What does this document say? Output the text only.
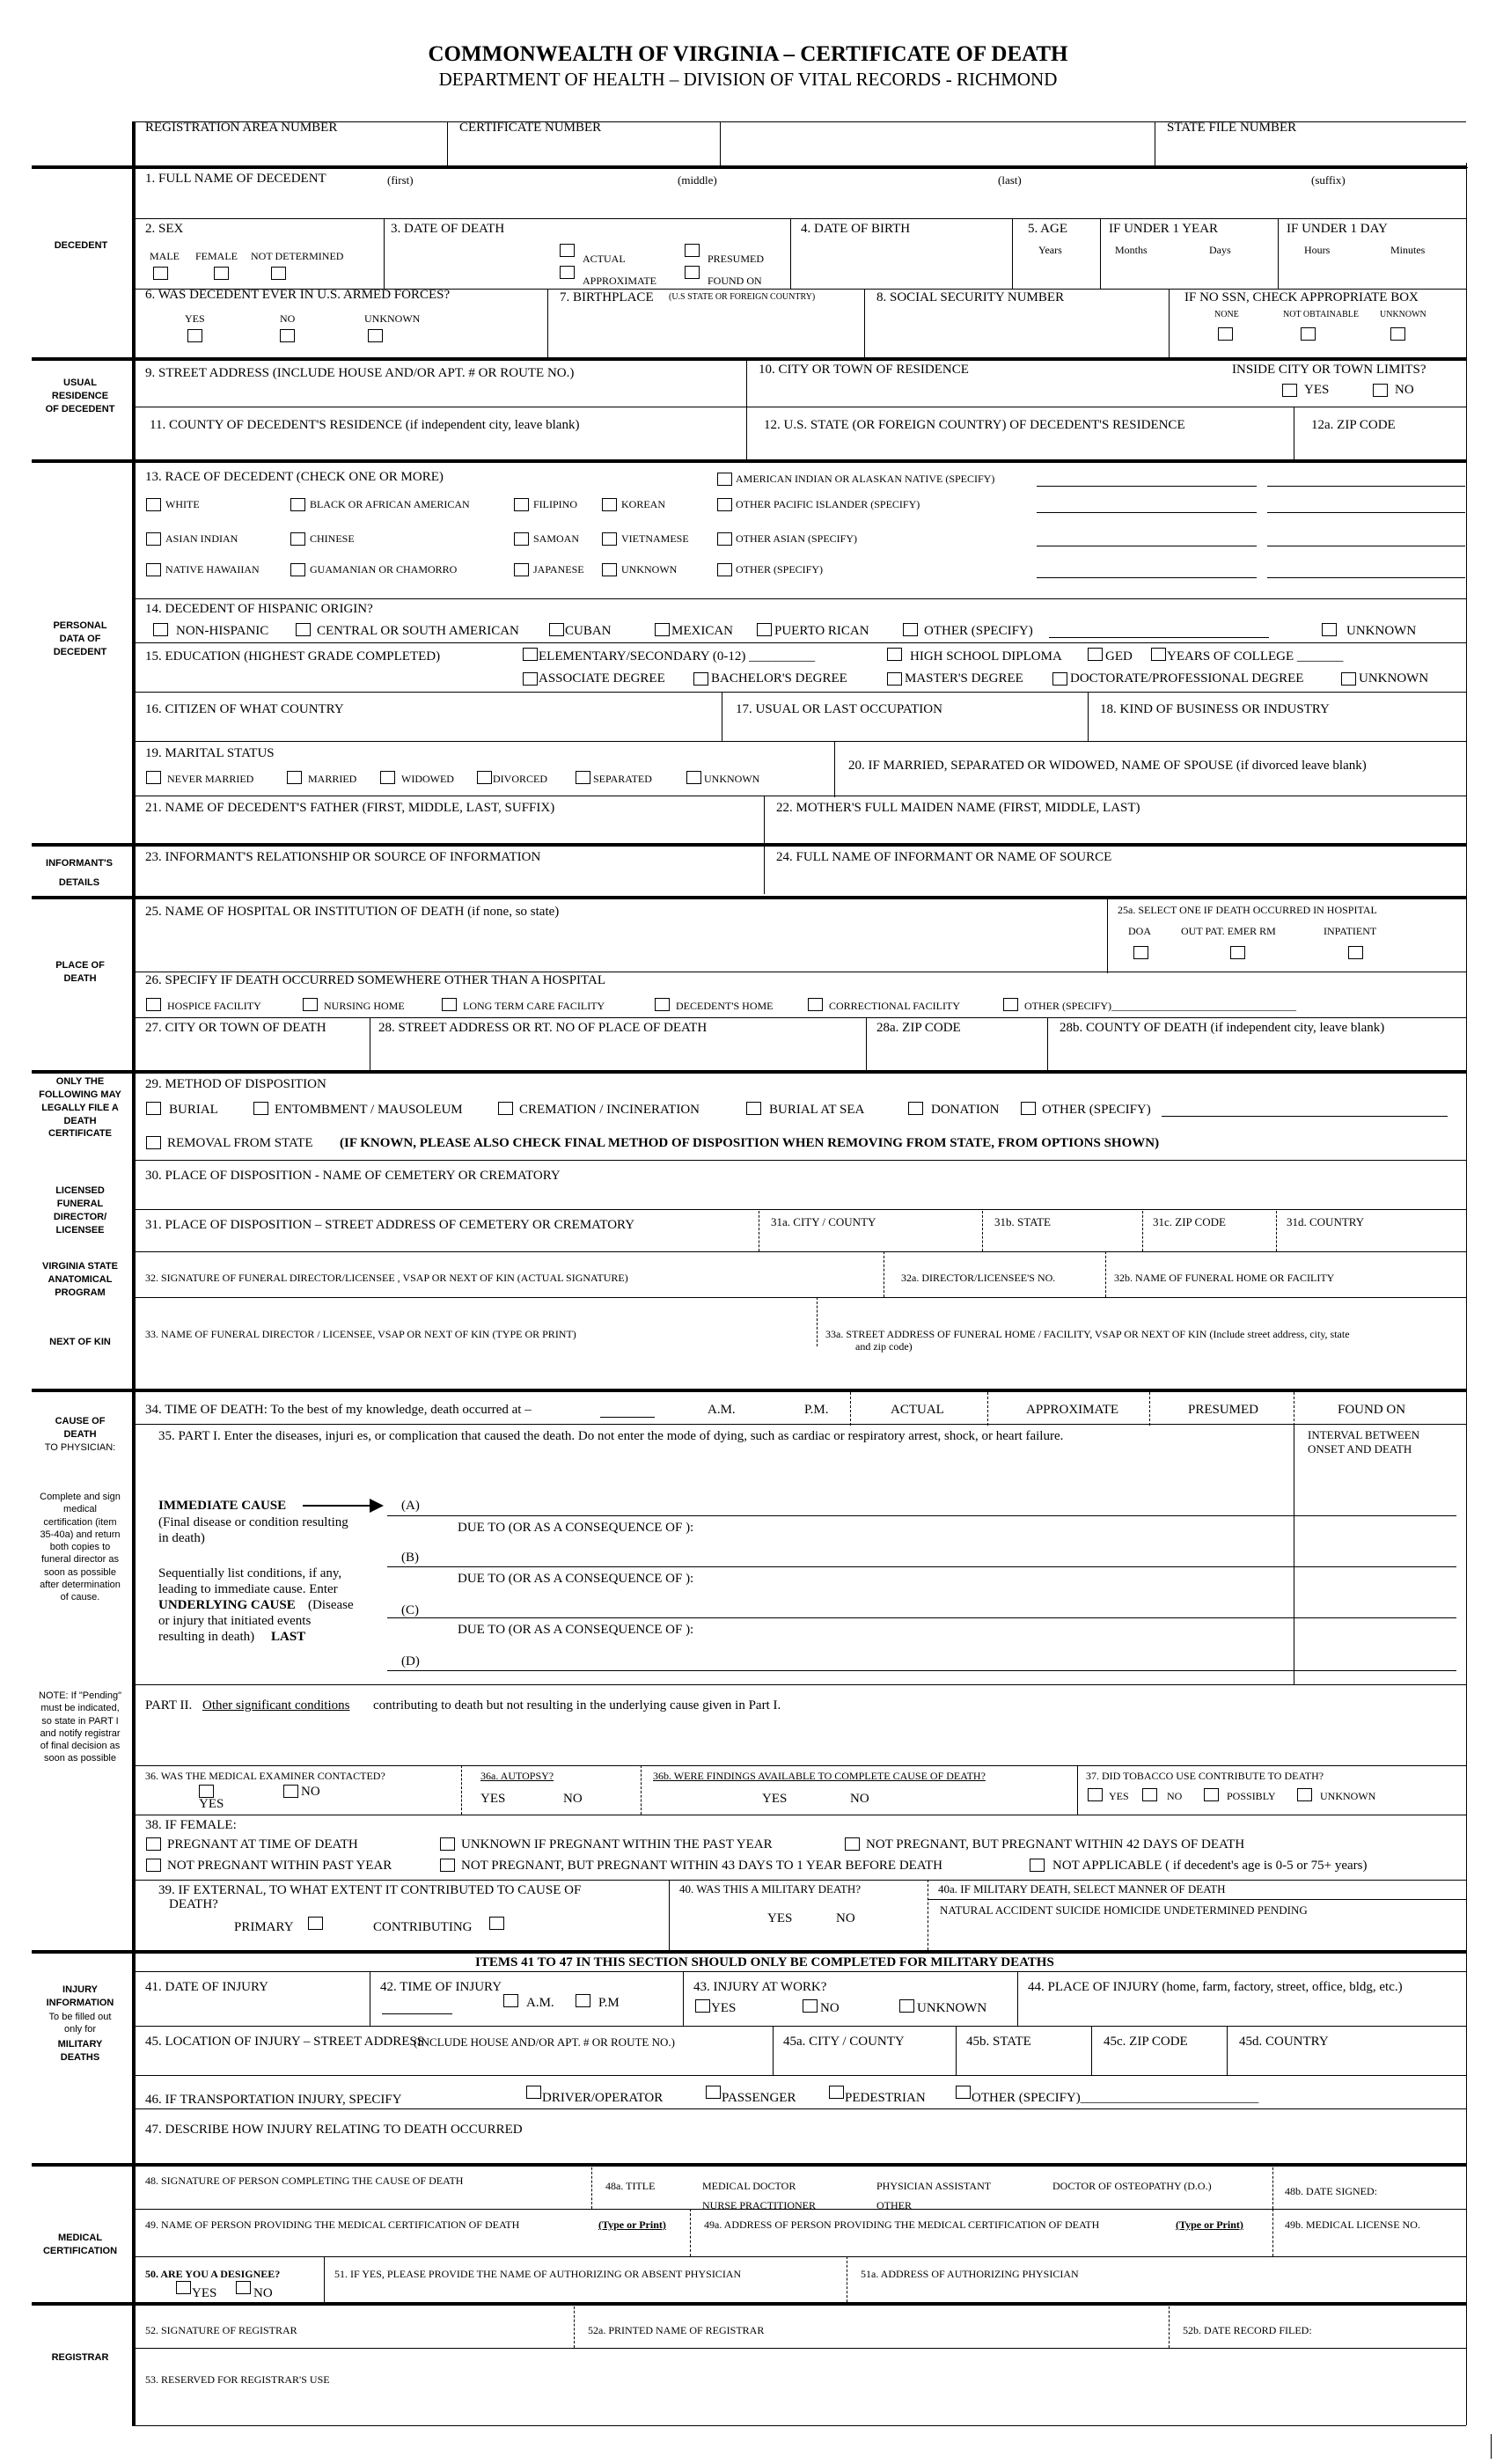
COMMONWEALTH OF VIRGINIA – CERTIFICATE OF DEATH
DEPARTMENT OF HEALTH – DIVISION OF VITAL RECORDS - RICHMOND
REGISTRATION AREA NUMBER	CERTIFICATE NUMBER	STATE FILE NUMBER
DECEDENT
1. FULL NAME OF DECEDENT	(first)	(middle)	(last)	(suffix)
2. SEX
MALE FEMALE NOT DETERMINED
3. DATE OF DEATH
ACTUAL
APPROXIMATE
PRESUMED
FOUND ON
4. DATE OF BIRTH	5. AGE
Years
IF UNDER 1 YEAR
Months	Days
IF UNDER 1 DAY
Hours	Minutes
6. WAS DECEDENT EVER IN U.S. ARMED FORCES?
YES	NO	UNKNOWN
7. BIRTHPLACE (U.S STATE OR FOREIGN COUNTRY)	8. SOCIAL SECURITY NUMBER	IF NO SSN, CHECK APPROPRIATE BOX
NONE	NOT OBTAINABLE UNKNOWN
USUAL RESIDENCE OF DECEDENT
9. STREET ADDRESS (INCLUDE HOUSE AND/OR APT. # OR ROUTE NO.)	10. CITY OR TOWN OF RESIDENCE	INSIDE CITY OR TOWN LIMITS?
YES	NO
11. COUNTY OF DECEDENT'S RESIDENCE (if independent city, leave blank)	12. U.S. STATE (OR FOREIGN COUNTRY) OF DECEDENT'S RESIDENCE	12a. ZIP CODE
PERSONAL DATA OF DECEDENT
13. RACE OF DECEDENT (CHECK ONE OR MORE)	AMERICAN INDIAN OR ALASKAN NATIVE (SPECIFY)
WHITE	BLACK OR AFRICAN AMERICAN	FILIPINO	KOREAN	OTHER PACIFIC ISLANDER (SPECIFY)
ASIAN INDIAN	CHINESE	SAMOAN	VIETNAMESE	OTHER ASIAN (SPECIFY)
NATIVE HAWAIIAN	GUAMANIAN OR CHAMORRO	JAPANESE	UNKNOWN	OTHER (SPECIFY)
14. DECEDENT OF HISPANIC ORIGIN?
NON-HISPANIC	CENTRAL OR SOUTH AMERICAN	CUBAN	MEXICAN	PUERTO RICAN	OTHER (SPECIFY)	UNKNOWN
15. EDUCATION (HIGHEST GRADE COMPLETED)	ELEMENTARY/SECONDARY (0-12) __________	HIGH SCHOOL DIPLOMA	GED	YEARS OF COLLEGE _______
ASSOCIATE DEGREE	BACHELOR'S DEGREE	MASTER'S DEGREE	DOCTORATE/PROFESSIONAL DEGREE	UNKNOWN
16. CITIZEN OF WHAT COUNTRY	17. USUAL OR LAST OCCUPATION	18. KIND OF BUSINESS OR INDUSTRY
19. MARITAL STATUS
NEVER MARRIED	MARRIED	WIDOWED	DIVORCED	SEPARATED	UNKNOWN
20. IF MARRIED, SEPARATED OR WIDOWED, NAME OF SPOUSE (if divorced leave blank)
21. NAME OF DECEDENT'S FATHER (FIRST, MIDDLE, LAST, SUFFIX)	22. MOTHER'S FULL MAIDEN NAME (FIRST, MIDDLE, LAST)
INFORMANT'S DETAILS
23. INFORMANT'S RELATIONSHIP OR SOURCE OF INFORMATION	24. FULL NAME OF INFORMANT OR NAME OF SOURCE
PLACE OF DEATH
25. NAME OF HOSPITAL OR INSTITUTION OF DEATH (if none, so state)	25a. SELECT ONE IF DEATH OCCURRED IN HOSPITAL
DOA	OUT PAT. EMER RM	INPATIENT
26. SPECIFY IF DEATH OCCURRED SOMEWHERE OTHER THAN A HOSPITAL
HOSPICE FACILITY	NURSING HOME	LONG TERM CARE FACILITY	DECEDENT'S HOME	CORRECTIONAL FACILITY	OTHER (SPECIFY)___________________________________
27. CITY OR TOWN OF DEATH	28. STREET ADDRESS OR RT. NO OF PLACE OF DEATH	28a. ZIP CODE	28b. COUNTY OF DEATH (if independent city, leave blank)
ONLY THE FOLLOWING MAY LEGALLY FILE A DEATH CERTIFICATE
LICENSED FUNERAL DIRECTOR/ LICENSEE
VIRGINIA STATE ANATOMICAL PROGRAM
NEXT OF KIN
29. METHOD OF DISPOSITION
BURIAL	ENTOMBMENT / MAUSOLEUM	CREMATION / INCINERATION	BURIAL AT SEA	DONATION	OTHER (SPECIFY)
REMOVAL FROM STATE (IF KNOWN, PLEASE ALSO CHECK FINAL METHOD OF DISPOSITION WHEN REMOVING FROM STATE, FROM OPTIONS SHOWN)
30. PLACE OF DISPOSITION - NAME OF CEMETERY OR CREMATORY
31. PLACE OF DISPOSITION – STREET ADDRESS OF CEMETERY OR CREMATORY	31a. CITY / COUNTY	31b. STATE	31c. ZIP CODE	31d. COUNTRY
32. SIGNATURE OF FUNERAL DIRECTOR/LICENSEE , VSAP OR NEXT OF KIN (ACTUAL SIGNATURE)	32a. DIRECTOR/LICENSEE'S NO.	32b. NAME OF FUNERAL HOME OR FACILITY
33. NAME OF FUNERAL DIRECTOR / LICENSEE, VSAP OR NEXT OF KIN (TYPE OR PRINT)	33a. STREET ADDRESS OF FUNERAL HOME / FACILITY, VSAP OR NEXT OF KIN (Include street address, city, state
and zip code)
CAUSE OF DEATH
TO PHYSICIAN:
Complete and sign medical certification (item 35-40a) and return both copies to funeral director as soon as possible after determination of cause.
NOTE: If "Pending" must be indicated, so state in PART I and notify registrar of final decision as soon as possible
34. TIME OF DEATH: To the best of my knowledge, death occurred at –	A.M.	P.M.	ACTUAL	APPROXIMATE	PRESUMED	FOUND ON
35. PART I. Enter the diseases, injuri es, or complication that caused the death. Do not enter the mode of dying, such as cardiac or respiratory arrest, shock, or heart failure.	INTERVAL BETWEEN
ONSET AND DEATH
IMMEDIATE CAUSE
(Final disease or condition resulting
in death)
Sequentially list conditions, if any,
leading to immediate cause. Enter
UNDERLYING CAUSE (Disease
or injury that initiated events
resulting in death) LAST
(A)
DUE TO (OR AS A CONSEQUENCE OF ):
(B)
DUE TO (OR AS A CONSEQUENCE OF ):
(C)
DUE TO (OR AS A CONSEQUENCE OF ):
(D)
PART II. Other significant conditions contributing to death but not resulting in the underlying cause given in Part I.
36. WAS THE MEDICAL EXAMINER CONTACTED?
YES
NO
36a. AUTOPSY?
YES	NO
36b. WERE FINDINGS AVAILABLE TO COMPLETE CAUSE OF DEATH?
YES	NO
37. DID TOBACCO USE CONTRIBUTE TO DEATH?
YES	NO	POSSIBLY	UNKNOWN
38. IF FEMALE:
PREGNANT AT TIME OF DEATH	UNKNOWN IF PREGNANT WITHIN THE PAST YEAR	NOT PREGNANT, BUT PREGNANT WITHIN 42 DAYS OF DEATH
NOT PREGNANT WITHIN PAST YEAR	NOT PREGNANT, BUT PREGNANT WITHIN 43 DAYS TO 1 YEAR BEFORE DEATH	NOT APPLICABLE ( if decedent's age is 0-5 or 75+ years)
39. IF EXTERNAL, TO WHAT EXTENT IT CONTRIBUTED TO CAUSE OF
DEATH?
PRIMARY	CONTRIBUTING
40. WAS THIS A MILITARY DEATH?
YES	NO
40a. IF MILITARY DEATH, SELECT MANNER OF DEATH
NATURAL ACCIDENT SUICIDE HOMICIDE UNDETERMINED PENDING
ITEMS 41 TO 47 IN THIS SECTION SHOULD ONLY BE COMPLETED FOR MILITARY DEATHS
INJURY INFORMATION
To be filled out only for
MILITARY DEATHS
41. DATE OF INJURY	42. TIME OF INJURY
A.M.	P.M
43. INJURY AT WORK?
YES	NO	UNKNOWN
44. PLACE OF INJURY (home, farm, factory, street, office, bldg, etc.)
45. LOCATION OF INJURY – STREET ADDRESS
(INCLUDE HOUSE AND/OR APT. # OR ROUTE NO.)	45a. CITY / COUNTY	45b. STATE	45c. ZIP CODE	45d. COUNTRY
46. IF TRANSPORTATION INJURY, SPECIFY	DRIVER/OPERATOR	PASSENGER	PEDESTRIAN	OTHER (SPECIFY)___________________________
47. DESCRIBE HOW INJURY RELATING TO DEATH OCCURRED
MEDICAL CERTIFICATION
48. SIGNATURE OF PERSON COMPLETING THE CAUSE OF DEATH	48a. TITLE	MEDICAL DOCTOR	PHYSICIAN ASSISTANT	DOCTOR OF OSTEOPATHY (D.O.)
NURSE PRACTITIONER	OTHER
48b. DATE SIGNED:
49. NAME OF PERSON PROVIDING THE MEDICAL CERTIFICATION OF DEATH	(Type or Print)	49a. ADDRESS OF PERSON PROVIDING THE MEDICAL CERTIFICATION OF DEATH	(Type or Print)	49b. MEDICAL LICENSE NO.
50. ARE YOU A DESIGNEE?
YES	NO
51. IF YES, PLEASE PROVIDE THE NAME OF AUTHORIZING OR ABSENT PHYSICIAN	51a. ADDRESS OF AUTHORIZING PHYSICIAN
REGISTRAR
52. SIGNATURE OF REGISTRAR	52a. PRINTED NAME OF REGISTRAR	52b. DATE RECORD FILED:
53. RESERVED FOR REGISTRAR'S USE
